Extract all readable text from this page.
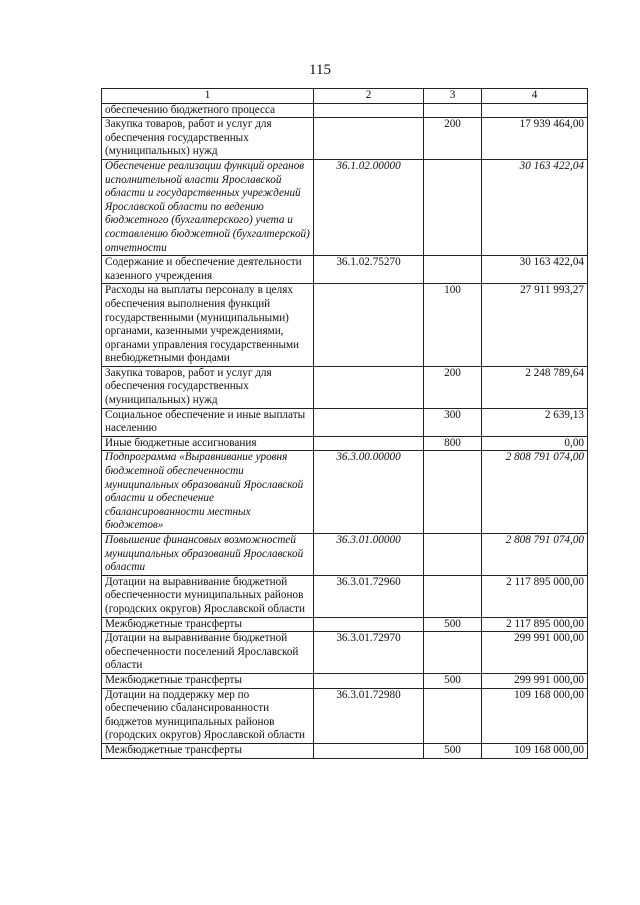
115
1	2	3	4
обеспечению бюджетного процесса			
Закупка товаров, работ и услуг для обеспечения государственных (муниципальных) нужд		200	17 939 464,00
Обеспечение реализации функций органов исполнительной власти Ярославской области и государственных учреждений Ярославской области по ведению бюджетного (бухгалтерского) учета и составлению бюджетной (бухгалтерской) отчетности	36.1.02.00000		30 163 422,04
Содержание и обеспечение деятельности казенного учреждения	36.1.02.75270		30 163 422,04
Расходы на выплаты персоналу в целях обеспечения выполнения функций государственными (муниципальными) органами, казенными учреждениями, органами управления государственными внебюджетными фондами		100	27 911 993,27
Закупка товаров, работ и услуг для обеспечения государственных (муниципальных) нужд		200	2 248 789,64
Социальное обеспечение и иные выплаты населению		300	2 639,13
Иные бюджетные ассигнования		800	0,00
Подпрограмма «Выравнивание уровня бюджетной обеспеченности муниципальных образований Ярославской области и обеспечение сбалансированности местных бюджетов»	36.3.00.00000		2 808 791 074,00
Повышение финансовых возможностей муниципальных образований Ярославской области	36.3.01.00000		2 808 791 074,00
Дотации на выравнивание бюджетной обеспеченности муниципальных районов (городских округов) Ярославской области	36.3.01.72960		2 117 895 000,00
Межбюджетные трансферты		500	2 117 895 000,00
Дотации на выравнивание бюджетной обеспеченности поселений Ярославской области	36.3.01.72970		299 991 000,00
Межбюджетные трансферты		500	299 991 000,00
Дотации на поддержку мер по обеспечению сбалансированности бюджетов муниципальных районов (городских округов) Ярославской области	36.3.01.72980		109 168 000,00
Межбюджетные трансферты		500	109 168 000,00
